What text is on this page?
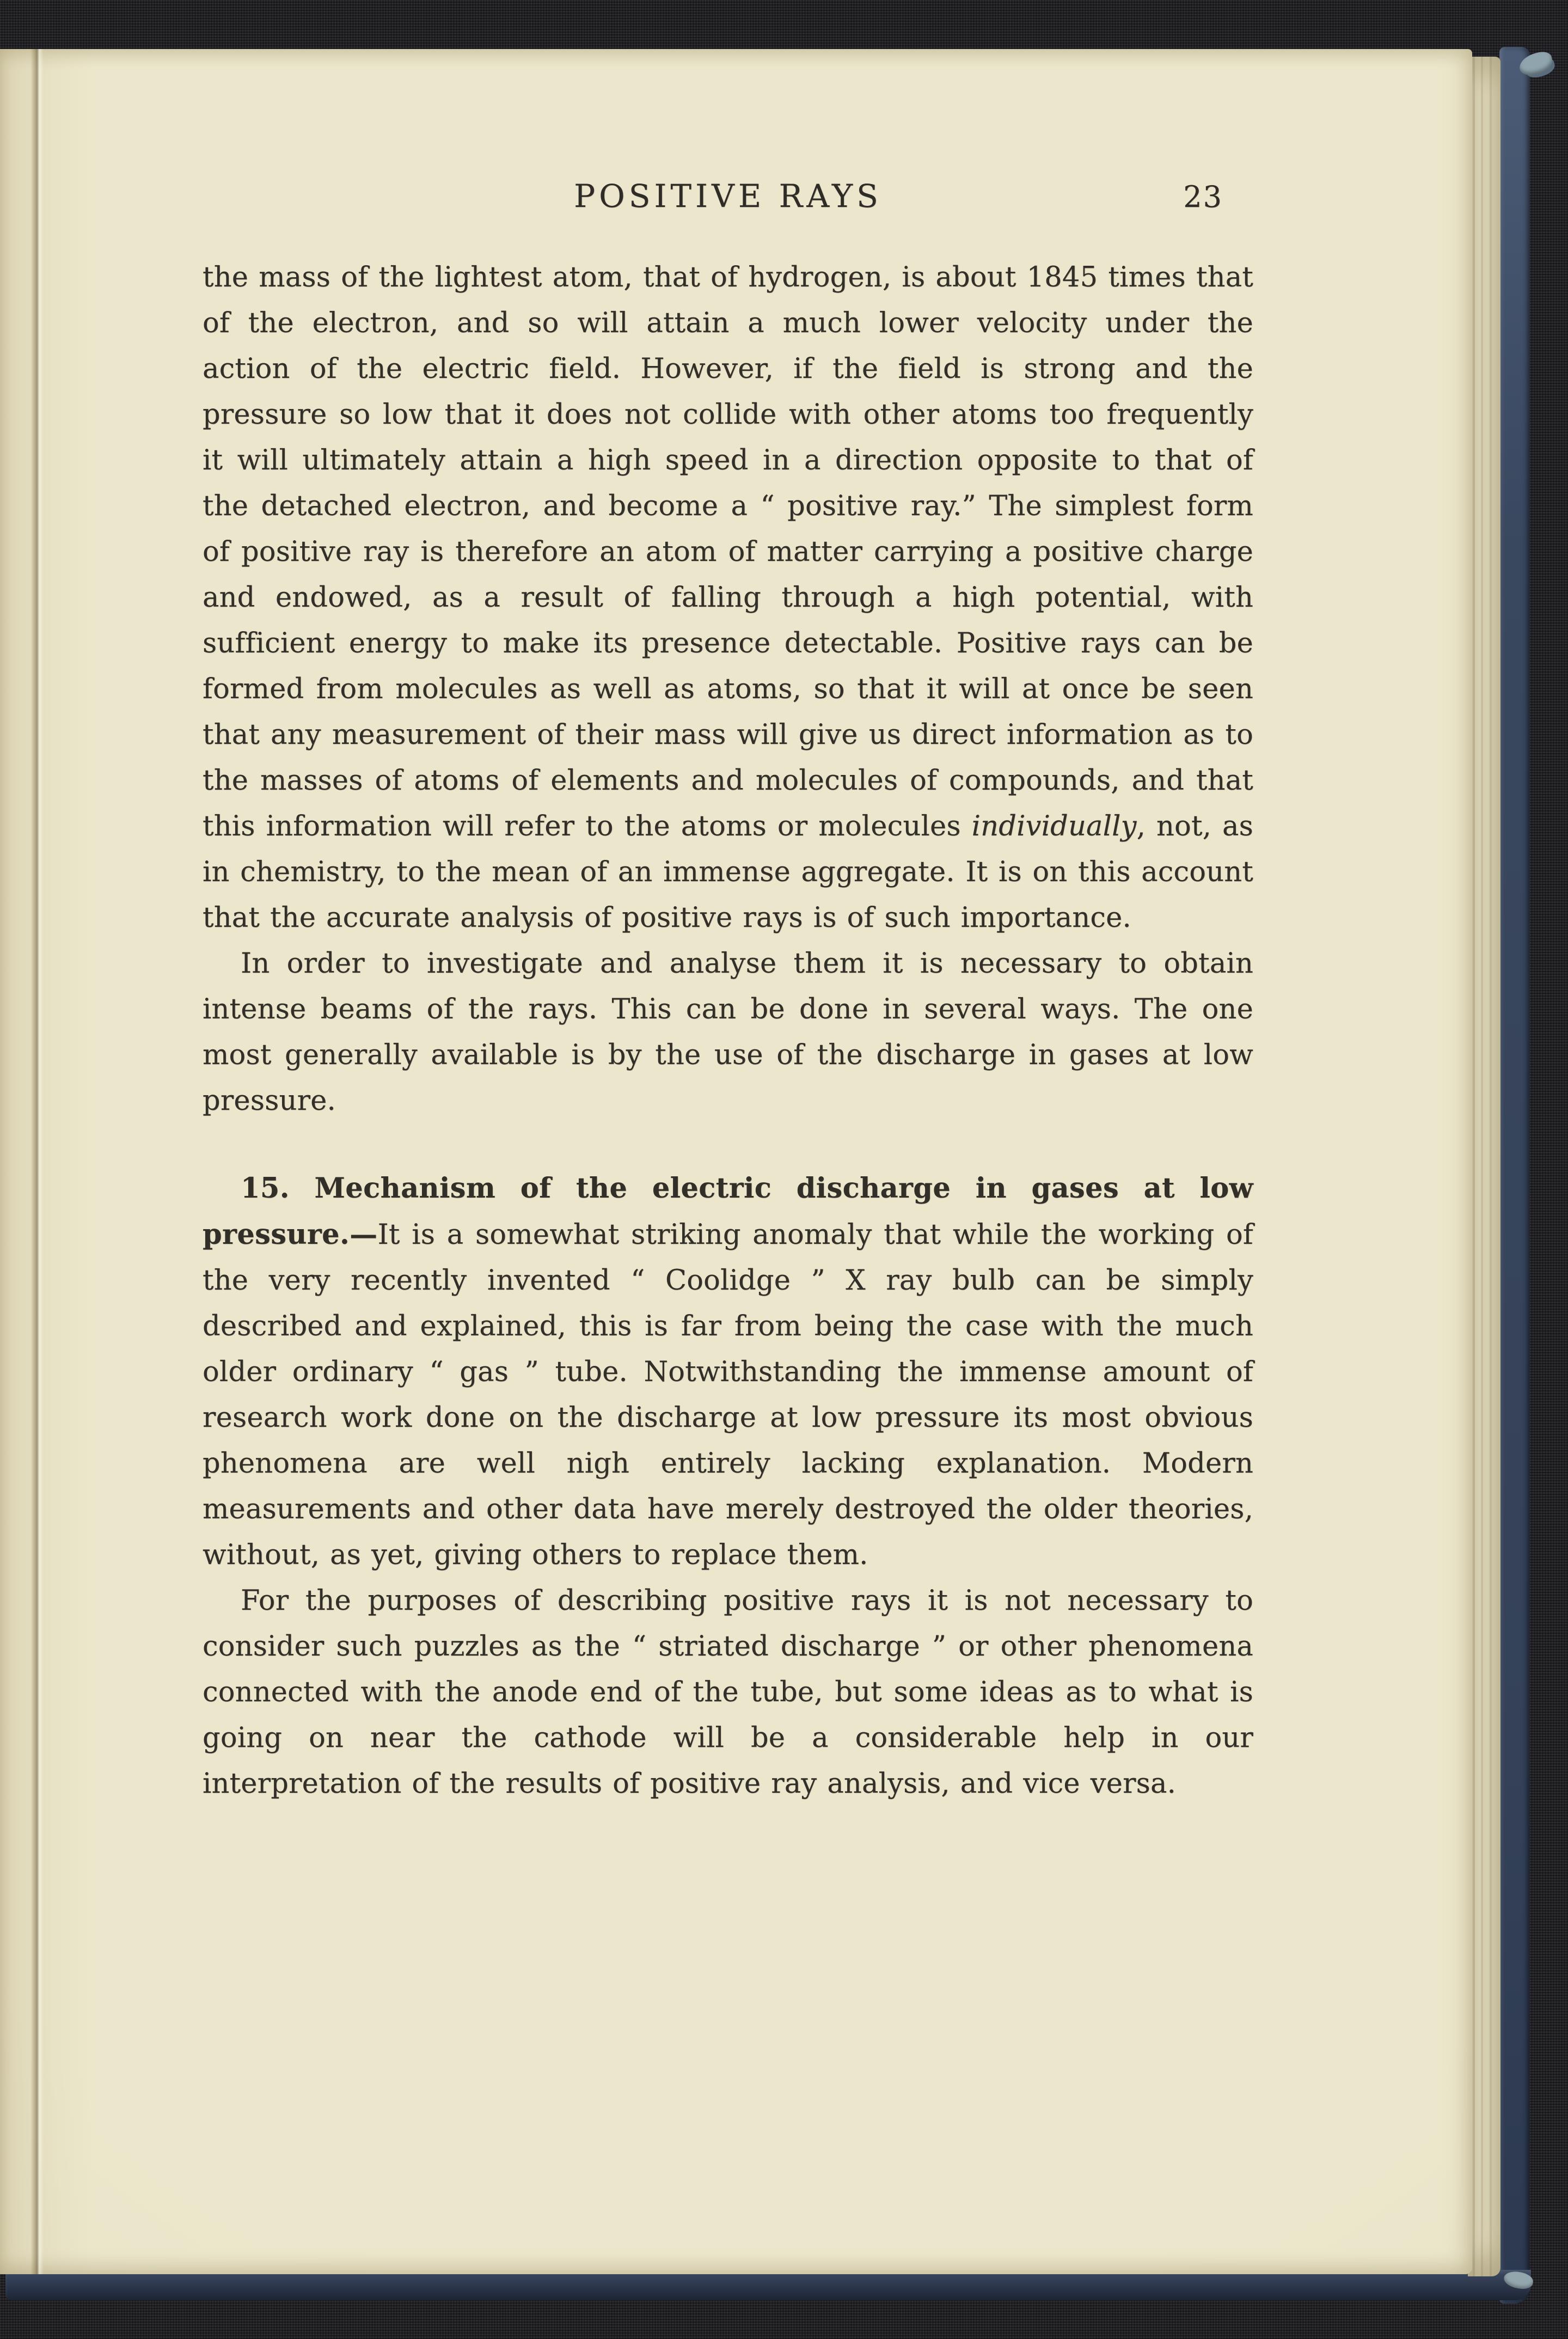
POSITIVE RAYS	23

the mass of the lightest atom, that of hydrogen, is about 1845 times that of the electron, and so will attain a much lower velocity under the action of the electric field. However, if the field is strong and the pressure so low that it does not collide with other atoms too frequently it will ultimately attain a high speed in a direction opposite to that of the detached electron, and become a “ positive ray.” The simplest form of positive ray is therefore an atom of matter carrying a positive charge and endowed, as a result of falling through a high potential, with sufficient energy to make its presence detectable. Positive rays can be formed from molecules as well as atoms, so that it will at once be seen that any measurement of their mass will give us direct information as to the masses of atoms of elements and molecules of compounds, and that this information will refer to the atoms or molecules individually, not, as in chemistry, to the mean of an immense aggregate. It is on this account that the accurate analysis of positive rays is of such importance.

In order to investigate and analyse them it is necessary to obtain intense beams of the rays. This can be done in several ways. The one most generally available is by the use of the discharge in gases at low pressure.

15. Mechanism of the electric discharge in gases at low pressure.—It is a somewhat striking anomaly that while the working of the very recently invented “ Coolidge ” X ray bulb can be simply described and explained, this is far from being the case with the much older ordinary “ gas ” tube. Notwithstanding the immense amount of research work done on the discharge at low pressure its most obvious phenomena are well nigh entirely lacking explanation. Modern measurements and other data have merely destroyed the older theories, without, as yet, giving others to replace them.

For the purposes of describing positive rays it is not necessary to consider such puzzles as the “ striated discharge ” or other phenomena connected with the anode end of the tube, but some ideas as to what is going on near the cathode will be a considerable help in our interpretation of the results of positive ray analysis, and vice versa.
